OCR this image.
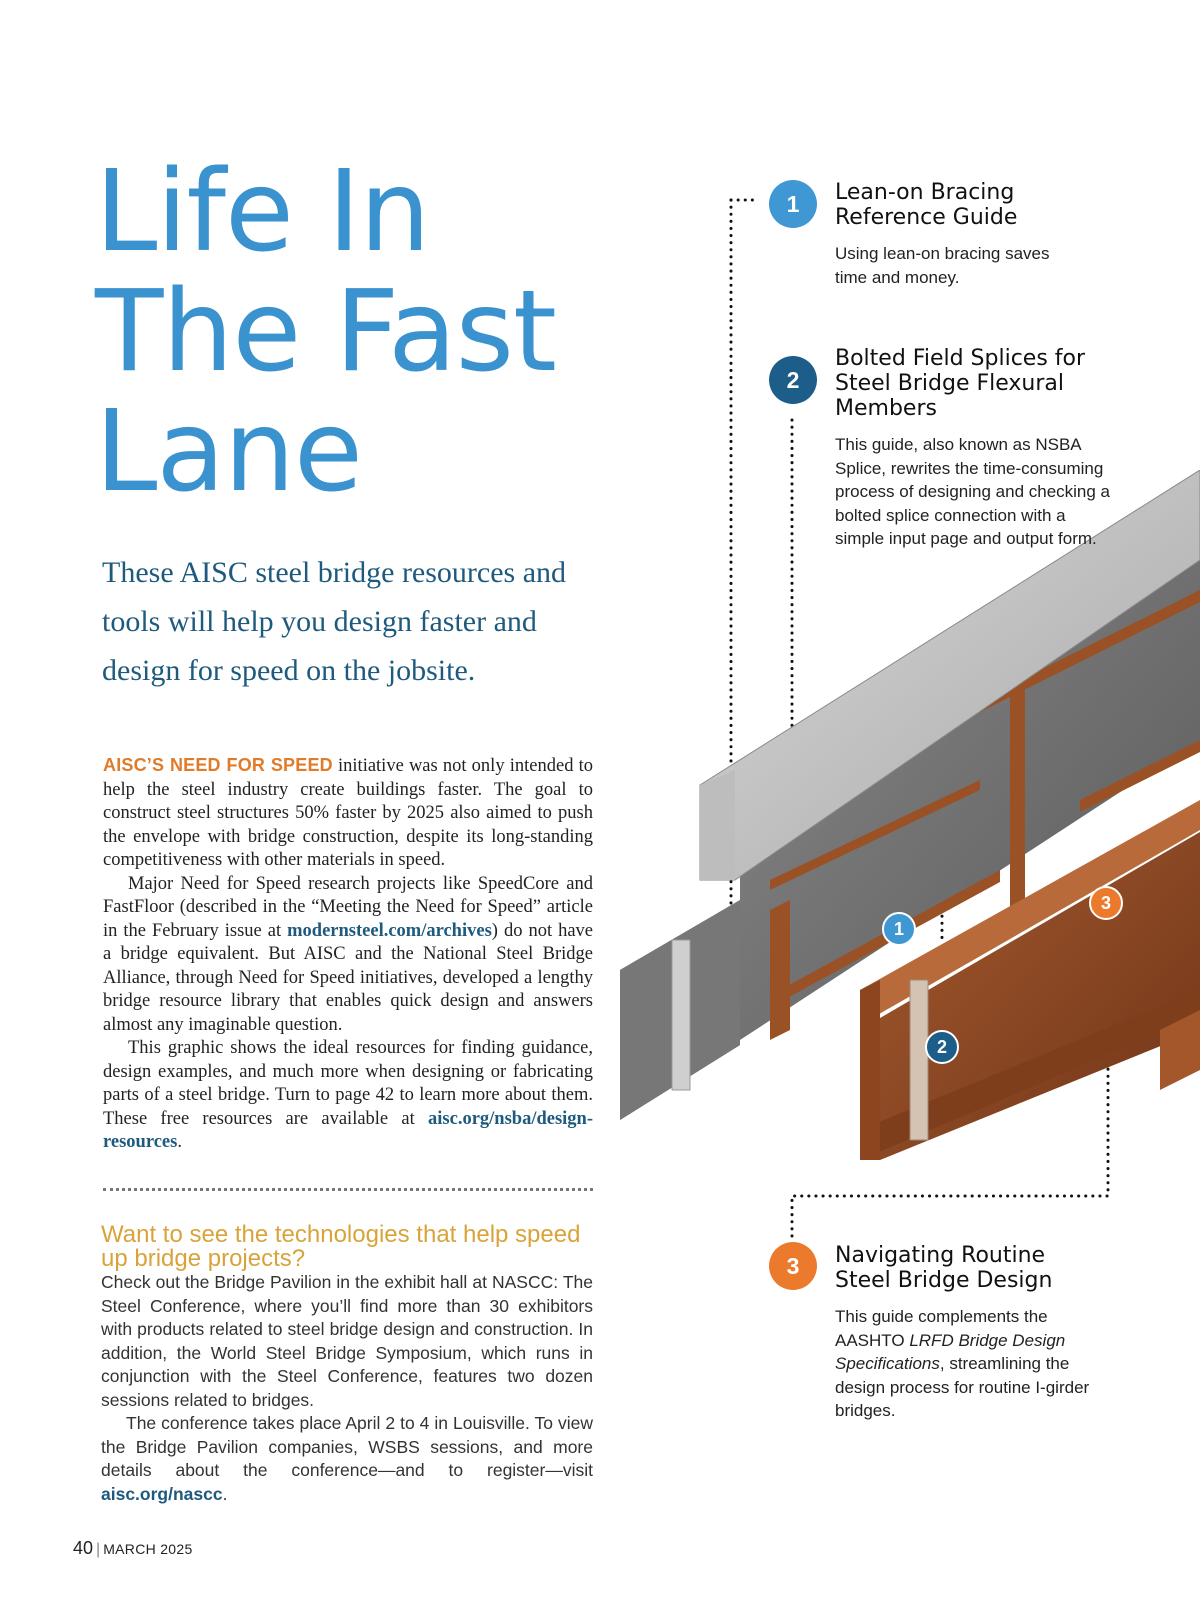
Life In
The Fast
Lane

These AISC steel bridge resources and tools will help you design faster and design for speed on the jobsite.

AISC’S NEED FOR SPEED initiative was not only intended to help the steel industry create buildings faster. The goal to construct steel structures 50% faster by 2025 also aimed to push the envelope with bridge construction, despite its long-standing competitiveness with other materials in speed.

Major Need for Speed research projects like SpeedCore and FastFloor (described in the “Meeting the Need for Speed” article in the February issue at modernsteel.com/archives) do not have a bridge equivalent. But AISC and the National Steel Bridge Alliance, through Need for Speed initiatives, developed a lengthy bridge resource library that enables quick design and answers almost any imaginable question.

This graphic shows the ideal resources for finding guidance, design examples, and much more when designing or fabricating parts of a steel bridge. Turn to page 42 to learn more about them. These free resources are available at aisc.org/nsba/design-resources.

Want to see the technologies that help speed up bridge projects?

Check out the Bridge Pavilion in the exhibit hall at NASCC: The Steel Conference, where you’ll find more than 30 exhibitors with products related to steel bridge design and construction. In addition, the World Steel Bridge Symposium, which runs in conjunction with the Steel Conference, features two dozen sessions related to bridges.

The conference takes place April 2 to 4 in Louisville. To view the Bridge Pavilion companies, WSBS sessions, and more details about the conference—and to register—visit aisc.org/nascc.

40 | MARCH 2025
1
2
3
1	Lean-on Bracing Reference Guide

Using lean-on bracing saves time and money.

2

Bolted Field Splices for Steel Bridge Flexural Members

This guide, also known as NSBA Splice, rewrites the time-consuming process of designing and checking a bolted splice connection with a simple input page and output form.

3	Navigating Routine Steel Bridge Design

This guide complements the AASHTO LRFD Bridge Design Specifications, streamlining the design process for routine I-girder bridges.
